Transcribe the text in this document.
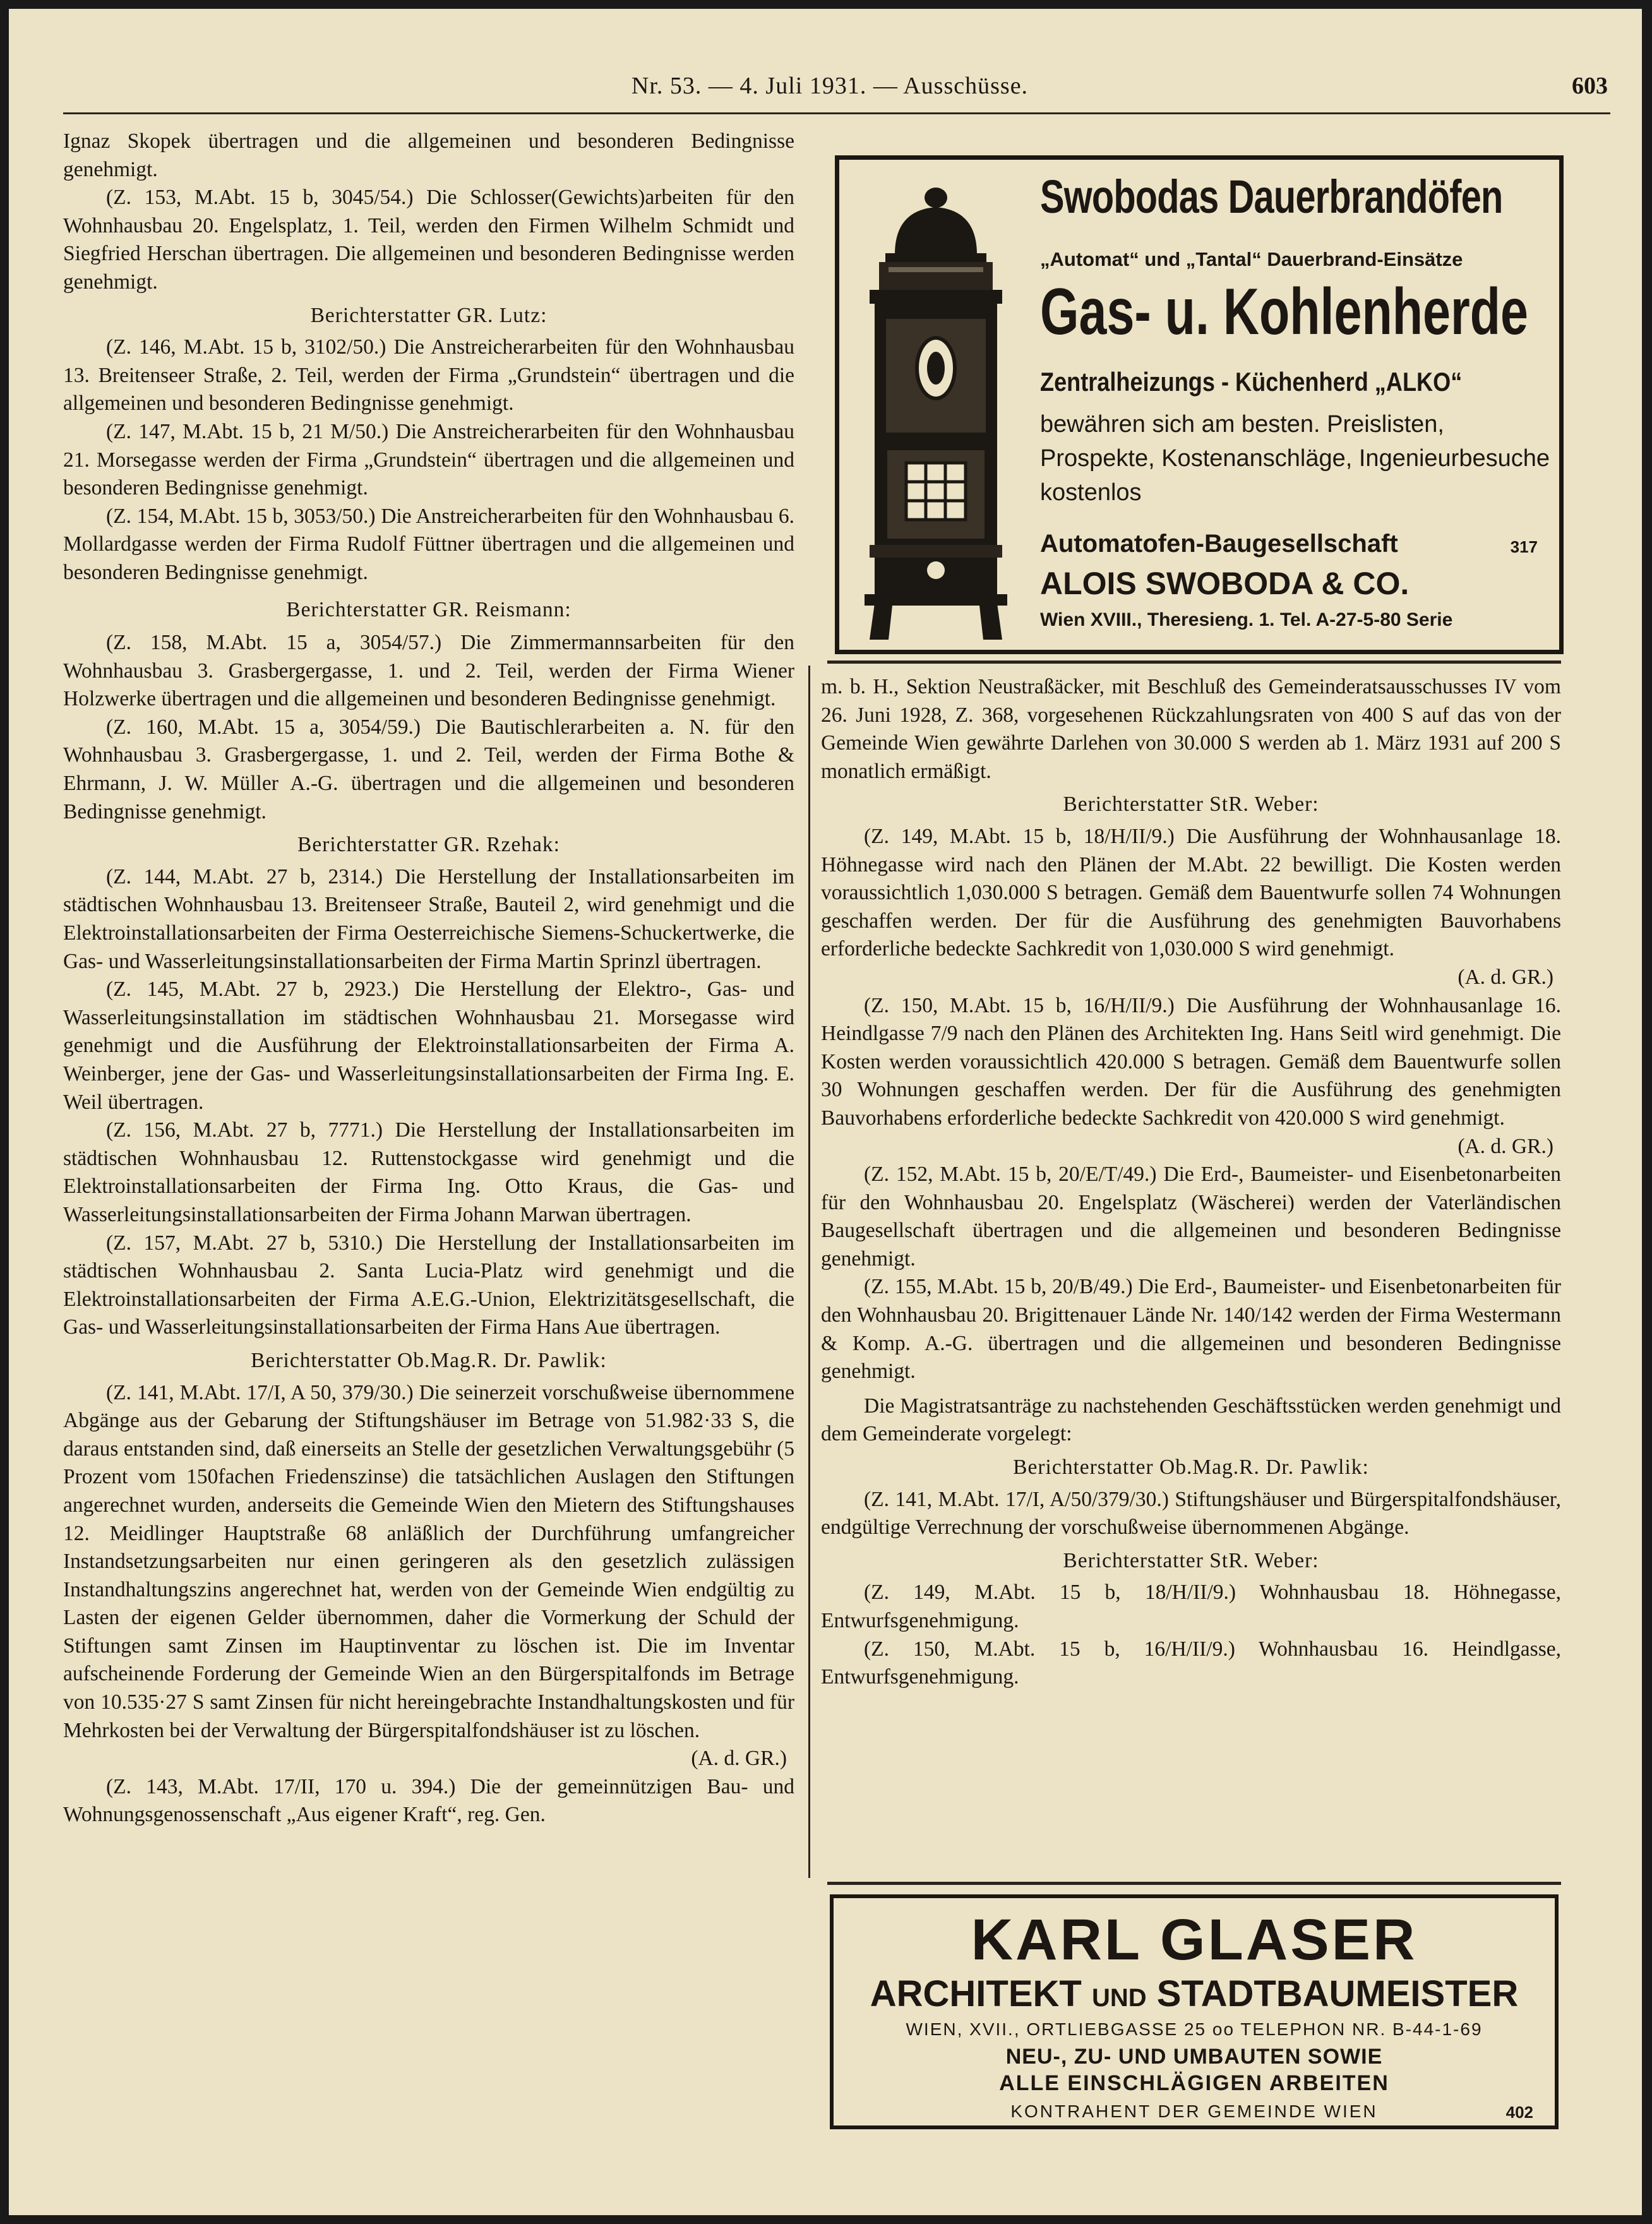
Nr. 53. — 4. Juli 1931. — Ausschüsse.	603

Ignaz Skopek übertragen und die allgemeinen und besonderen Bedingnisse genehmigt.

(Z. 153, M.Abt. 15 b, 3045/54.) Die Schlosser(Gewichts)arbeiten für den Wohnhausbau 20. Engelsplatz, 1. Teil, werden den Firmen Wilhelm Schmidt und Siegfried Herschan übertragen. Die allgemeinen und besonderen Bedingnisse werden genehmigt.

Berichterstatter GR. Lutz:

(Z. 146, M.Abt. 15 b, 3102/50.) Die Anstreicherarbeiten für den Wohnhausbau 13. Breitenseer Straße, 2. Teil, werden der Firma „Grundstein“ übertragen und die allgemeinen und besonderen Bedingnisse genehmigt.

(Z. 147, M.Abt. 15 b, 21 M/50.) Die Anstreicherarbeiten für den Wohnhausbau 21. Morsegasse werden der Firma „Grundstein“ übertragen und die allgemeinen und besonderen Bedingnisse genehmigt.

(Z. 154, M.Abt. 15 b, 3053/50.) Die Anstreicherarbeiten für den Wohnhausbau 6. Mollardgasse werden der Firma Rudolf Füttner übertragen und die allgemeinen und besonderen Bedingnisse genehmigt.

Berichterstatter GR. Reismann:

(Z. 158, M.Abt. 15 a, 3054/57.) Die Zimmermannsarbeiten für den Wohnhausbau 3. Grasbergergasse, 1. und 2. Teil, werden der Firma Wiener Holzwerke übertragen und die allgemeinen und besonderen Bedingnisse genehmigt.

(Z. 160, M.Abt. 15 a, 3054/59.) Die Bautischlerarbeiten a. N. für den Wohnhausbau 3. Grasbergergasse, 1. und 2. Teil, werden der Firma Bothe & Ehrmann, J. W. Müller A.-G. übertragen und die allgemeinen und besonderen Bedingnisse genehmigt.

Berichterstatter GR. Rzehak:

(Z. 144, M.Abt. 27 b, 2314.) Die Herstellung der Installationsarbeiten im städtischen Wohnhausbau 13. Breitenseer Straße, Bauteil 2, wird genehmigt und die Elektroinstallationsarbeiten der Firma Oesterreichische Siemens-Schuckertwerke, die Gas- und Wasserleitungsinstallationsarbeiten der Firma Martin Sprinzl übertragen.

(Z. 145, M.Abt. 27 b, 2923.) Die Herstellung der Elektro-, Gas- und Wasserleitungsinstallation im städtischen Wohnhausbau 21. Morsegasse wird genehmigt und die Ausführung der Elektroinstallationsarbeiten der Firma A. Weinberger, jene der Gas- und Wasserleitungsinstallationsarbeiten der Firma Ing. E. Weil übertragen.

(Z. 156, M.Abt. 27 b, 7771.) Die Herstellung der Installationsarbeiten im städtischen Wohnhausbau 12. Ruttenstockgasse wird genehmigt und die Elektroinstallationsarbeiten der Firma Ing. Otto Kraus, die Gas- und Wasserleitungsinstallationsarbeiten der Firma Johann Marwan übertragen.

(Z. 157, M.Abt. 27 b, 5310.) Die Herstellung der Installationsarbeiten im städtischen Wohnhausbau 2. Santa Lucia-Platz wird genehmigt und die Elektroinstallationsarbeiten der Firma A.E.G.-Union, Elektrizitätsgesellschaft, die Gas- und Wasserleitungsinstallationsarbeiten der Firma Hans Aue übertragen.

Berichterstatter Ob.Mag.R. Dr. Pawlik:

(Z. 141, M.Abt. 17/I, A 50, 379/30.) Die seinerzeit vorschußweise übernommene Abgänge aus der Gebarung der Stiftungshäuser im Betrage von 51.982·33 S, die daraus entstanden sind, daß einerseits an Stelle der gesetzlichen Verwaltungsgebühr (5 Prozent vom 150fachen Friedenszinse) die tatsächlichen Auslagen den Stiftungen angerechnet wurden, anderseits die Gemeinde Wien den Mietern des Stiftungshauses 12. Meidlinger Hauptstraße 68 anläßlich der Durchführung umfangreicher Instandsetzungsarbeiten nur einen geringeren als den gesetzlich zulässigen Instandhaltungszins angerechnet hat, werden von der Gemeinde Wien endgültig zu Lasten der eigenen Gelder übernommen, daher die Vormerkung der Schuld der Stiftungen samt Zinsen im Hauptinventar zu löschen ist. Die im Inventar aufscheinende Forderung der Gemeinde Wien an den Bürgerspitalfonds im Betrage von 10.535·27 S samt Zinsen für nicht hereingebrachte Instandhaltungskosten und für Mehrkosten bei der Verwaltung der Bürgerspitalfondshäuser ist zu löschen.

(A. d. GR.)

(Z. 143, M.Abt. 17/II, 170 u. 394.) Die der gemeinnützigen Bau- und Wohnungsgenossenschaft „Aus eigener Kraft“, reg. Gen.

Swobodas Dauerbrandöfen
„Automat“ und „Tantal“ Dauerbrand-Einsätze
Gas- u. Kohlenherde
Zentralheizungs - Küchenherd „ALKO“
bewähren sich am besten. Preislisten, Prospekte, Kostenanschläge, Ingenieurbesuche kostenlos
Automatofen-Baugesellschaft	317
ALOIS SWOBODA & CO.
Wien XVIII., Theresieng. 1. Tel. A-27-5-80 Serie

m. b. H., Sektion Neustraßäcker, mit Beschluß des Gemeinderatsausschusses IV vom 26. Juni 1928, Z. 368, vorgesehenen Rückzahlungsraten von 400 S auf das von der Gemeinde Wien gewährte Darlehen von 30.000 S werden ab 1. März 1931 auf 200 S monatlich ermäßigt.

Berichterstatter StR. Weber:

(Z. 149, M.Abt. 15 b, 18/H/II/9.) Die Ausführung der Wohnhausanlage 18. Höhnegasse wird nach den Plänen der M.Abt. 22 bewilligt. Die Kosten werden voraussichtlich 1,030.000 S betragen. Gemäß dem Bauentwurfe sollen 74 Wohnungen geschaffen werden. Der für die Ausführung des genehmigten Bauvorhabens erforderliche bedeckte Sachkredit von 1,030.000 S wird genehmigt.

(A. d. GR.)

(Z. 150, M.Abt. 15 b, 16/H/II/9.) Die Ausführung der Wohnhausanlage 16. Heindlgasse 7/9 nach den Plänen des Architekten Ing. Hans Seitl wird genehmigt. Die Kosten werden voraussichtlich 420.000 S betragen. Gemäß dem Bauentwurfe sollen 30 Wohnungen geschaffen werden. Der für die Ausführung des genehmigten Bauvorhabens erforderliche bedeckte Sachkredit von 420.000 S wird genehmigt.

(A. d. GR.)

(Z. 152, M.Abt. 15 b, 20/E/T/49.) Die Erd-, Baumeister- und Eisenbetonarbeiten für den Wohnhausbau 20. Engelsplatz (Wäscherei) werden der Vaterländischen Baugesellschaft übertragen und die allgemeinen und besonderen Bedingnisse genehmigt.

(Z. 155, M.Abt. 15 b, 20/B/49.) Die Erd-, Baumeister- und Eisenbetonarbeiten für den Wohnhausbau 20. Brigittenauer Lände Nr. 140/142 werden der Firma Westermann & Komp. A.-G. übertragen und die allgemeinen und besonderen Bedingnisse genehmigt.

Die Magistratsanträge zu nachstehenden Geschäftsstücken werden genehmigt und dem Gemeinderate vorgelegt:

Berichterstatter Ob.Mag.R. Dr. Pawlik:

(Z. 141, M.Abt. 17/I, A/50/379/30.) Stiftungshäuser und Bürgerspitalfondshäuser, endgültige Verrechnung der vorschußweise übernommenen Abgänge.

Berichterstatter StR. Weber:

(Z. 149, M.Abt. 15 b, 18/H/II/9.) Wohnhausbau 18. Höhnegasse, Entwurfsgenehmigung.

(Z. 150, M.Abt. 15 b, 16/H/II/9.) Wohnhausbau 16. Heindlgasse, Entwurfsgenehmigung.

KARL GLASER
ARCHITEKT UND STADTBAUMEISTER
WIEN, XVII., ORTLIEBGASSE 25 oo TELEPHON NR. B-44-1-69
NEU-, ZU- UND UMBAUTEN SOWIE
ALLE EINSCHLÄGIGEN ARBEITEN
KONTRAHENT DER GEMEINDE WIEN	402
